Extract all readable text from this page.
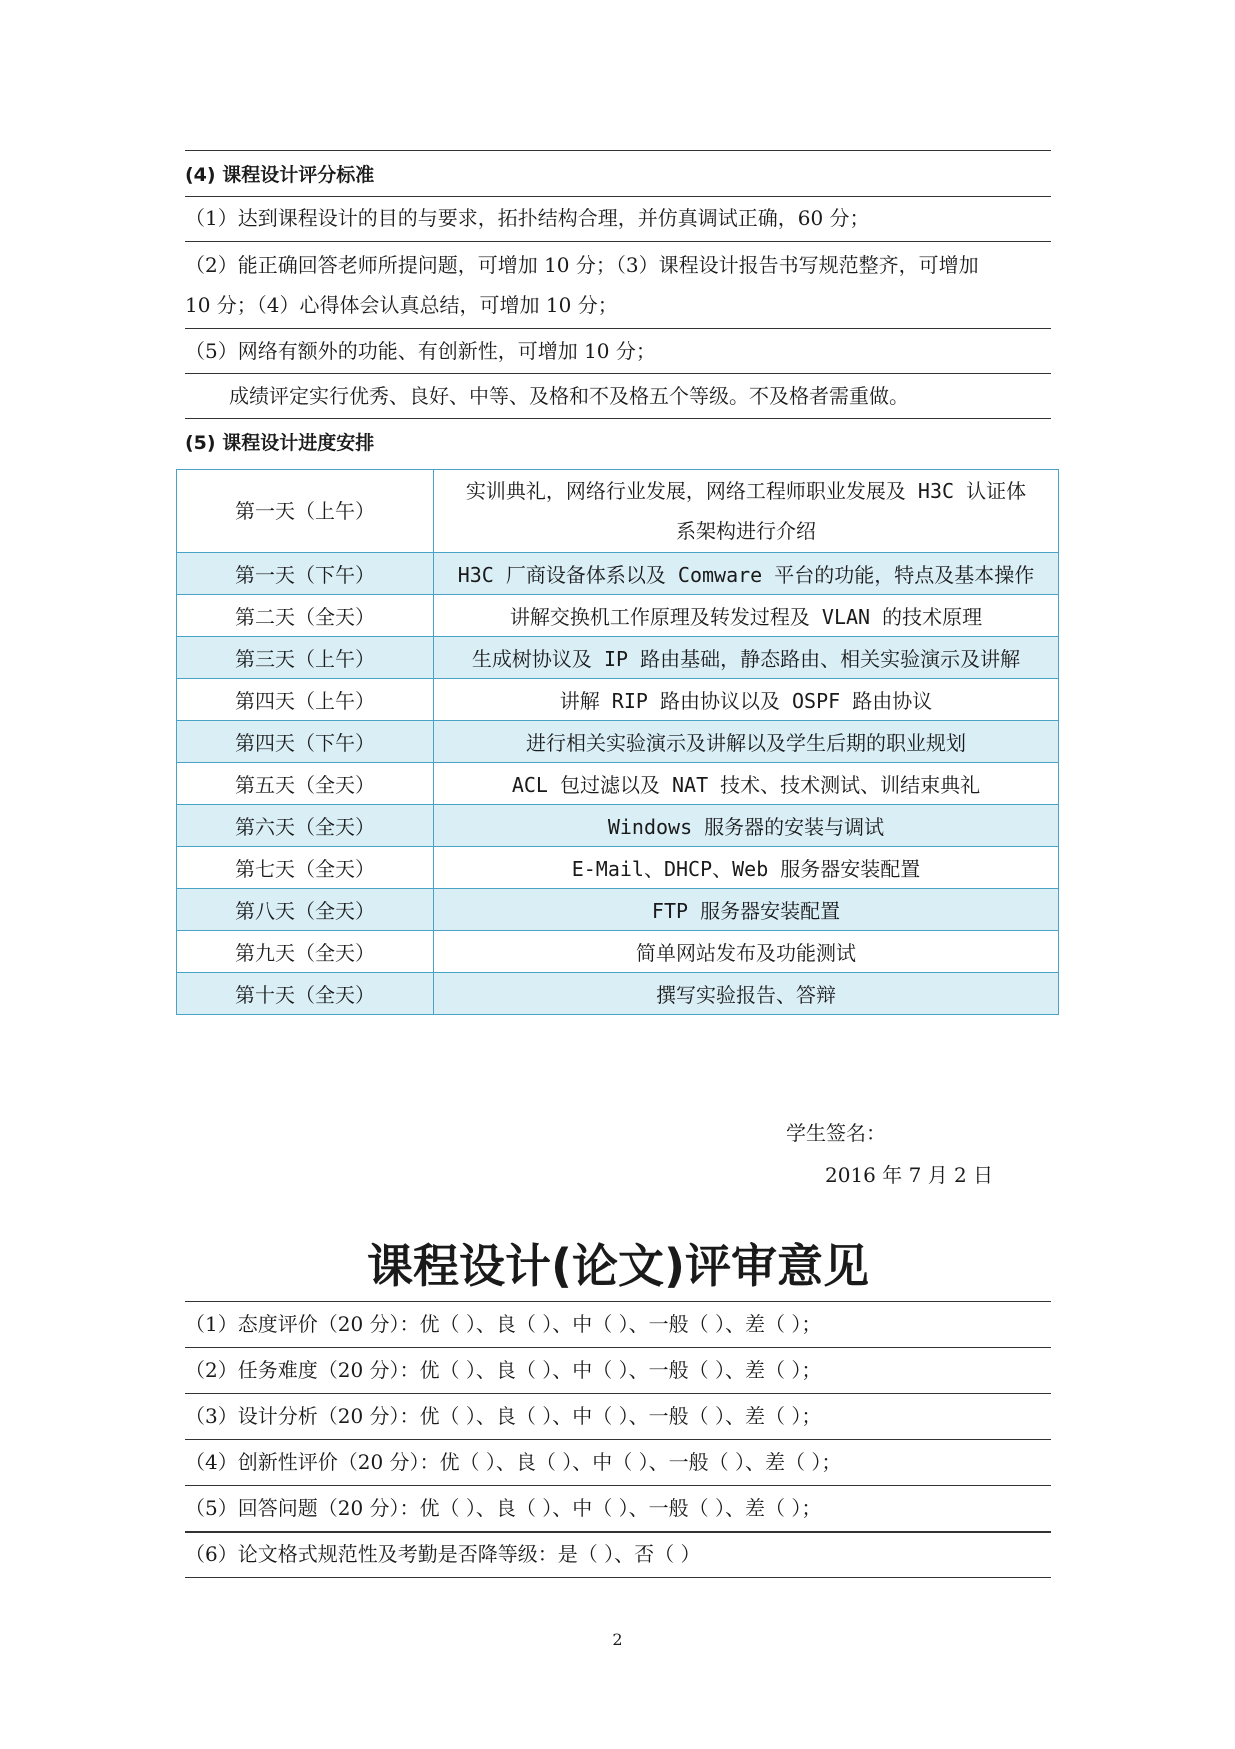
(4) 课程设计评分标准
（1）达到课程设计的目的与要求，拓扑结构合理，并仿真调试正确，60 分；
（2）能正确回答老师所提问题，可增加 10 分；（3）课程设计报告书写规范整齐，可增加
10 分；（4）心得体会认真总结，可增加 10 分；
（5）网络有额外的功能、有创新性，可增加 10 分；
成绩评定实行优秀、良好、中等、及格和不及格五个等级。不及格者需重做。
(5) 课程设计进度安排
第一天（上午）	实训典礼，网络行业发展，网络工程师职业发展及 H3C 认证体
系架构进行介绍

第一天（下午）	H3C 厂商设备体系以及 Comware 平台的功能，特点及基本操作
第二天（全天）	讲解交换机工作原理及转发过程及 VLAN 的技术原理
第三天（上午）	生成树协议及 IP 路由基础，静态路由、相关实验演示及讲解
第四天（上午）	讲解 RIP 路由协议以及 OSPF 路由协议
第四天（下午）	进行相关实验演示及讲解以及学生后期的职业规划
第五天（全天）	ACL 包过滤以及 NAT 技术、技术测试、训结束典礼
第六天（全天）	Windows 服务器的安装与调试
第七天（全天）	E-Mail、DHCP、Web 服务器安装配置
第八天（全天）	FTP 服务器安装配置
第九天（全天）	简单网站发布及功能测试
第十天（全天）	撰写实验报告、答辩
学生签名：
2016 年 7 月 2 日
课程设计(论文)评审意见
（1）态度评价（20 分）：优（ ）、良（ ）、中（ ）、一般（ ）、差（ ）；
（2）任务难度（20 分）：优（ ）、良（ ）、中（ ）、一般（ ）、差（ ）；
（3）设计分析（20 分）：优（ ）、良（ ）、中（ ）、一般（ ）、差（ ）；
（4）创新性评价（20 分）：优（ ）、良（ ）、中（ ）、一般（ ）、差（ ）；
（5）回答问题（20 分）：优（ ）、良（ ）、中（ ）、一般（ ）、差（ ）；
（6）论文格式规范性及考勤是否降等级：是（ ）、否（ ）
2
